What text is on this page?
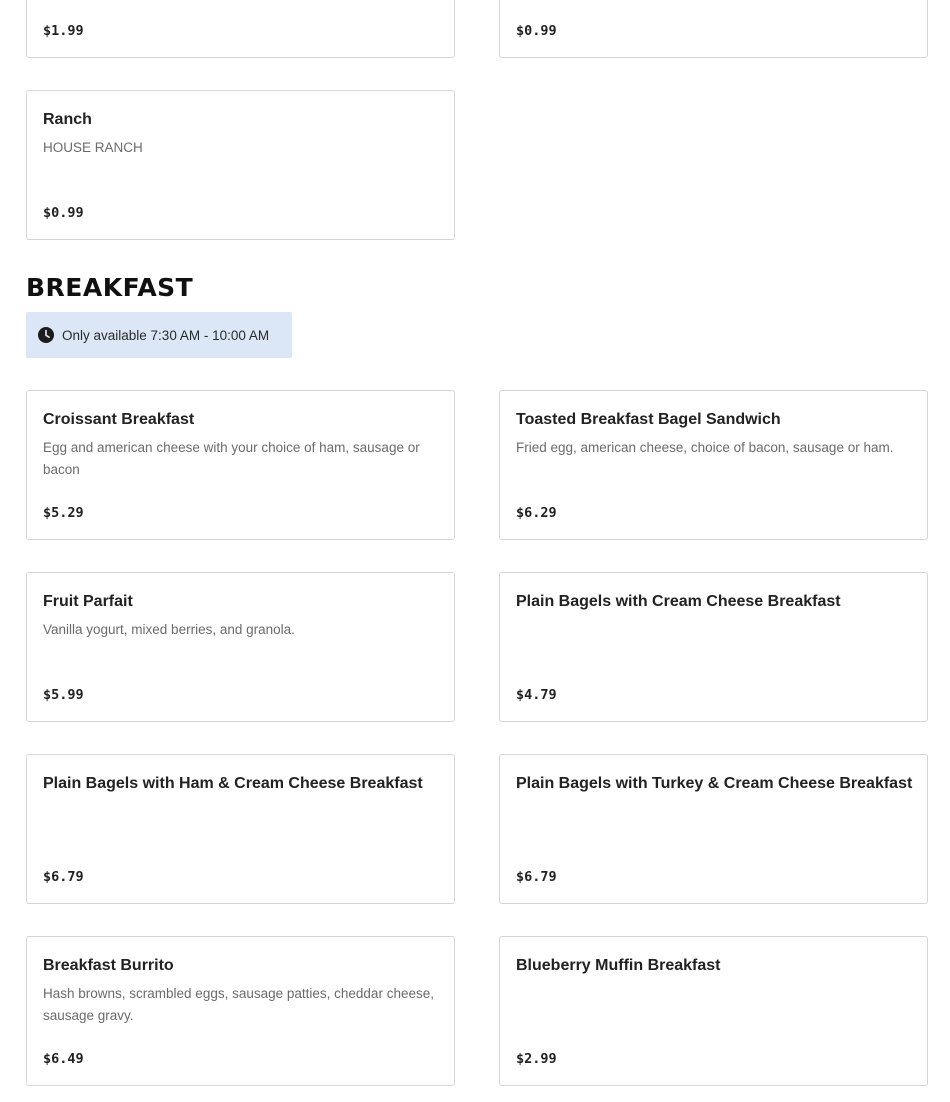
$1.99	$0.99
Ranch
HOUSE RANCH
$0.99
BREAKFAST
Only available 7:30 AM - 10:00 AM
Croissant Breakfast
Egg and american cheese with your choice of ham, sausage or bacon
$5.29
Toasted Breakfast Bagel Sandwich
Fried egg, american cheese, choice of bacon, sausage or ham.
$6.29
Fruit Parfait
Vanilla yogurt, mixed berries, and granola.
$5.99
Plain Bagels with Cream Cheese Breakfast
$4.79
Plain Bagels with Ham & Cream Cheese Breakfast
$6.79
Plain Bagels with Turkey & Cream Cheese Breakfast
$6.79
Breakfast Burrito
Hash browns, scrambled eggs, sausage patties, cheddar cheese, sausage gravy.
$6.49
Blueberry Muffin Breakfast
$2.99
